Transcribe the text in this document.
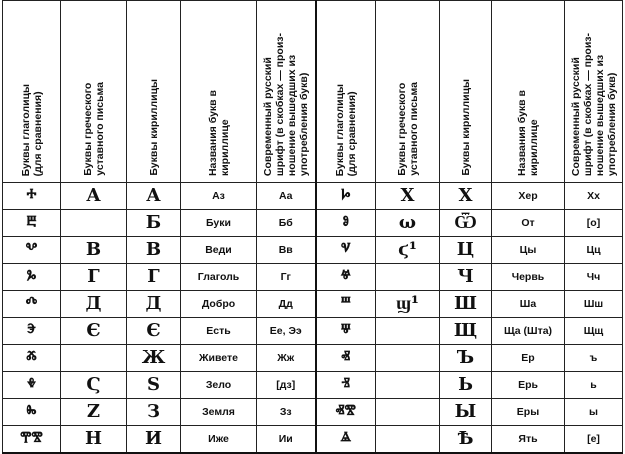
Буквы глаголицы
(для сравнения)	Буквы греческого
уставного письма	Буквы кириллицы	Названия букв в
кириллице	Современный русский
шрифт (в скобках — произ-
ношение вышедших из
употребления букв)	Буквы глаголицы
(для сравнения)	Буквы греческого
уставного письма	Буквы кириллицы	Названия букв в
кириллице	Современный русский
шрифт (в скобках — произ-
ношение вышедших из
употребления букв)

ⰰ	Α	А	Аз	Аа	ⱈ	Χ	Х	Хер	Хх
ⰱ		Б	Буки	Бб	ⱁ	ω	Ѿ	От	[о]
ⰲ	В	В	Веди	Вв	ⱌ	ϛ¹	Ц	Цы	Цц
ⰳ	Г	Г	Глаголь	Гг	ⱍ		Ч	Червь	Чч
ⰴ	Д	Д	Добро	Дд	ⱎ	ϣ¹	Ш	Ша	Шш
ⰵ	Є	Є	Есть	Ее, Ээ	ⱋ		Щ	Ща (Шта)	Щщ
ⰶ		Ж	Живете	Жж	ⱏ		Ъ	Ер	ъ
ⰷ	Ϛ	Ѕ	Зело	[дз]	ⱐ		Ь	Ерь	ь
ⰸ	Ζ	З	Земля	Зз	ⱏⰺ		Ы	Еры	ы
ⰹⰺ	Н	И	Иже	Ии	ⱑ		Ѣ	Ять	[е]
